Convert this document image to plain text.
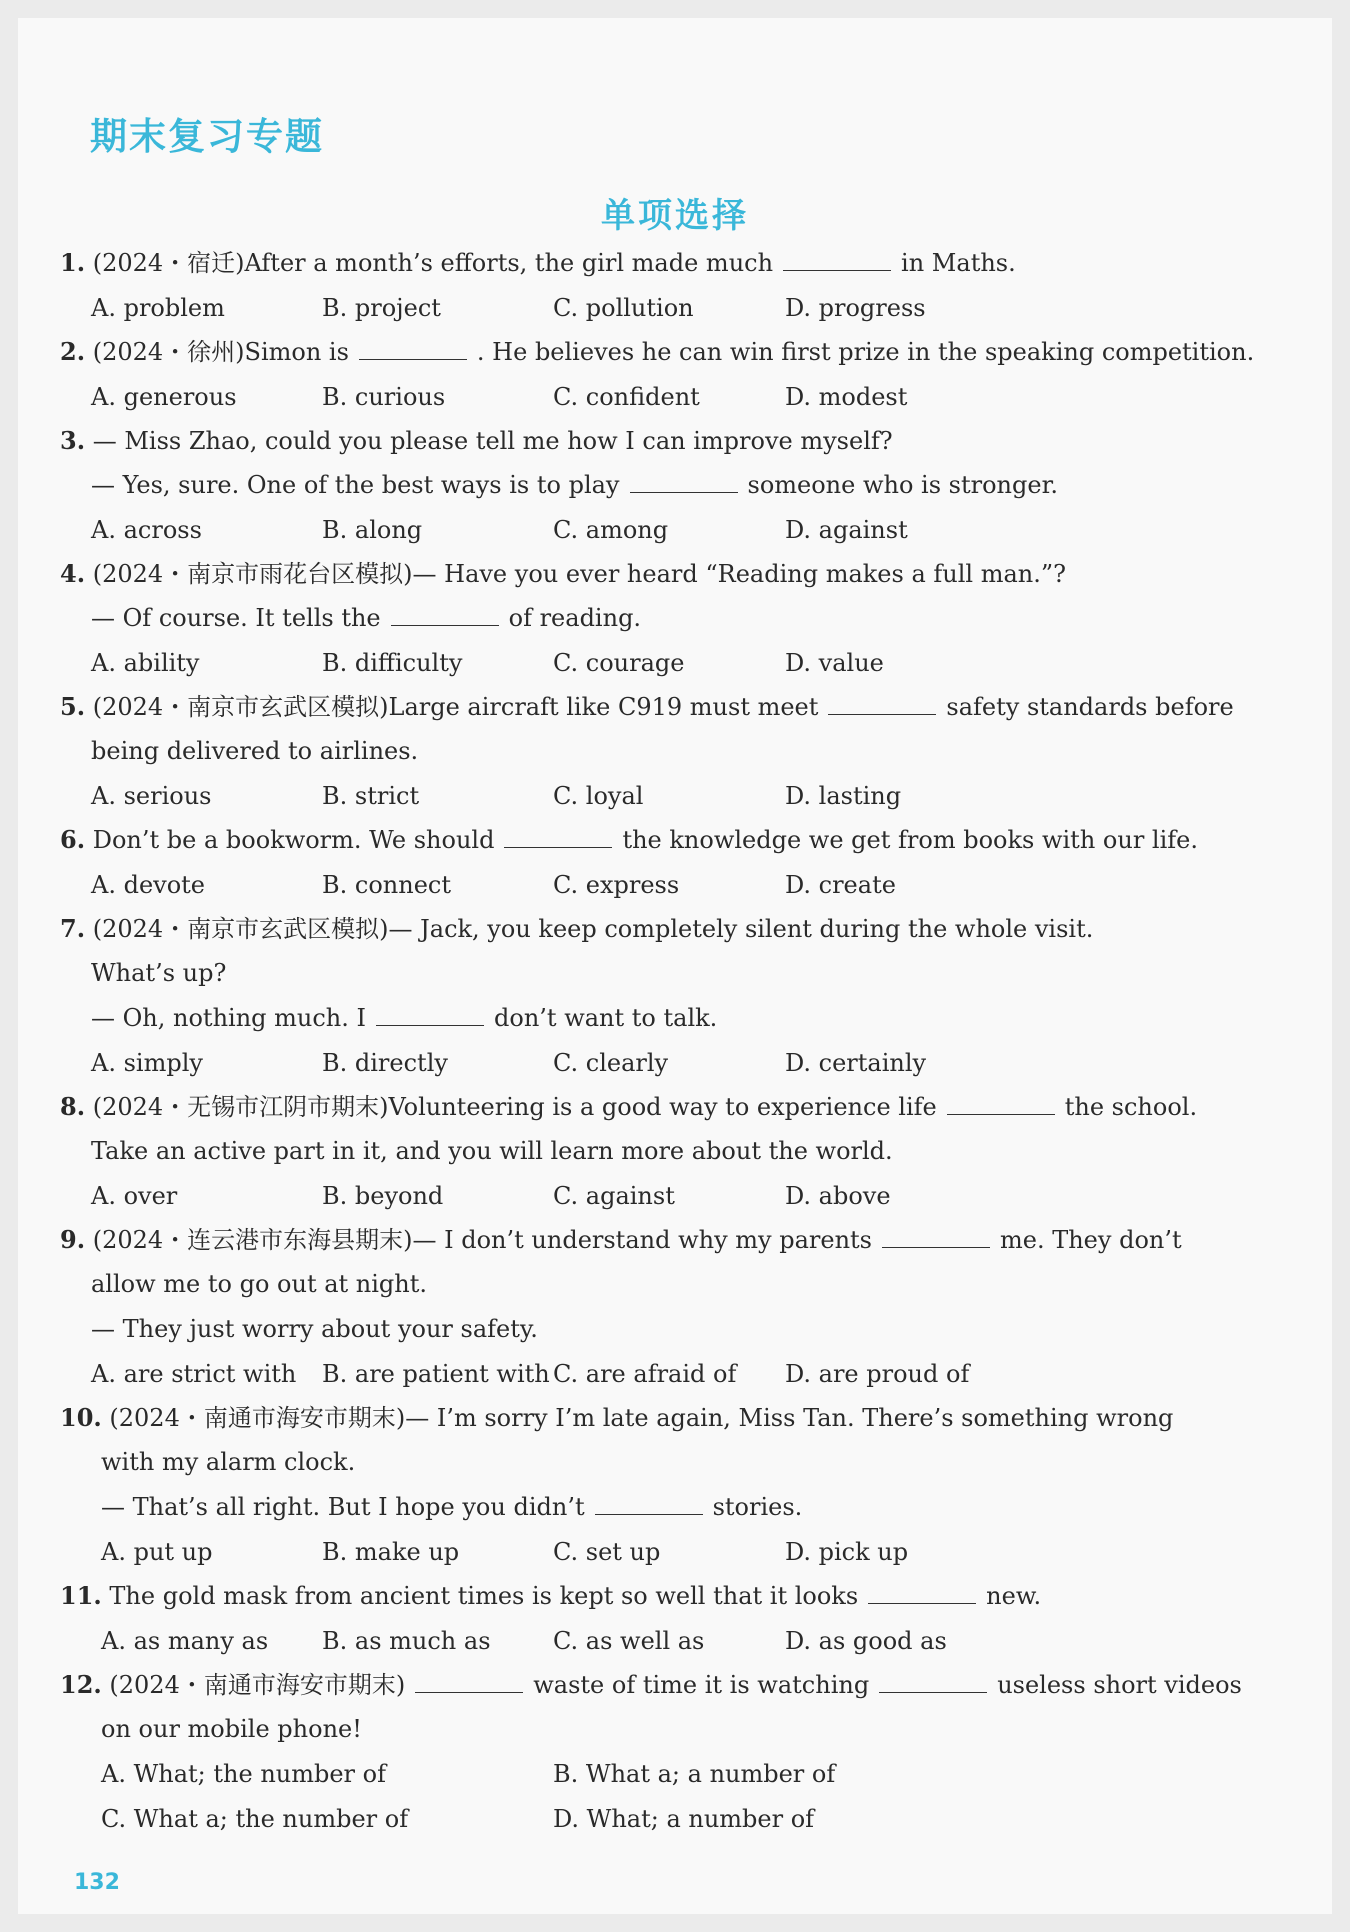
期末复习专题
单项选择
1. (2024・宿迁)After a month’s efforts, the girl made much	in Maths.
A. problem	B. project	C. pollution	D. progress
2. (2024・徐州)Simon is	. He believes he can win first prize in the speaking competition.
A. generous	B. curious	C. confident	D. modest
3. — Miss Zhao, could you please tell me how I can improve myself?
— Yes, sure. One of the best ways is to play	someone who is stronger.
A. across	B. along	C. among	D. against
4. (2024・南京市雨花台区模拟)— Have you ever heard “Reading makes a full man.”?
— Of course. It tells the	of reading.
A. ability	B. difficulty	C. courage	D. value
5. (2024・南京市玄武区模拟)Large aircraft like C919 must meet	safety standards before
being delivered to airlines.
A. serious	B. strict	C. loyal	D. lasting
6. Don’t be a bookworm. We should	the knowledge we get from books with our life.
A. devote	B. connect	C. express	D. create
7. (2024・南京市玄武区模拟)— Jack, you keep completely silent during the whole visit.
What’s up?
— Oh, nothing much. I	don’t want to talk.
A. simply	B. directly	C. clearly	D. certainly
8. (2024・无锡市江阴市期末)Volunteering is a good way to experience life	the school.
Take an active part in it, and you will learn more about the world.
A. over	B. beyond	C. against	D. above
9. (2024・连云港市东海县期末)— I don’t understand why my parents	me. They don’t
allow me to go out at night.
— They just worry about your safety.
A. are strict with B. are patient with C. are afraid of D. are proud of
10. (2024・南通市海安市期末)— I’m sorry I’m late again, Miss Tan. There’s something wrong
with my alarm clock.
— That’s all right. But I hope you didn’t	stories.
A. put up	B. make up	C. set up	D. pick up
11. The gold mask from ancient times is kept so well that it looks	new.
A. as many as B. as much as	C. as well as	D. as good as
12. (2024・南通市海安市期末)	waste of time it is watching	useless short videos
on our mobile phone!
A. What; the number of	B. What a; a number of
C. What a; the number of	D. What; a number of
132
